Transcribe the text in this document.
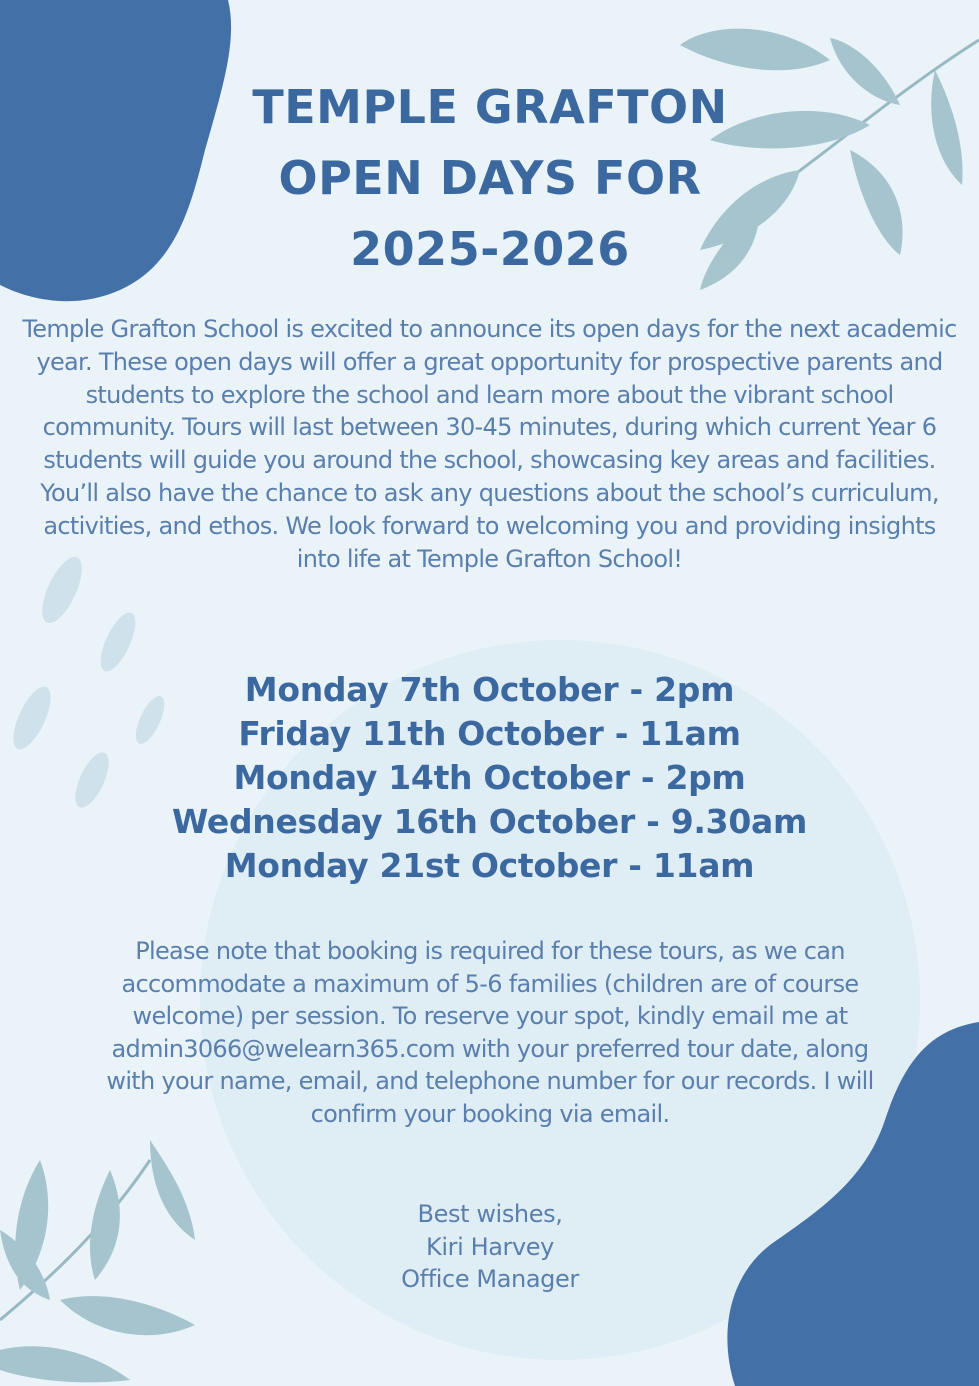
TEMPLE GRAFTON
OPEN DAYS FOR
2025-2026
Temple Grafton School is excited to announce its open days for the next academic year. These open days will offer a great opportunity for prospective parents and students to explore the school and learn more about the vibrant school community. Tours will last between 30-45 minutes, during which current Year 6 students will guide you around the school, showcasing key areas and facilities. You’ll also have the chance to ask any questions about the school’s curriculum, activities, and ethos. We look forward to welcoming you and providing insights into life at Temple Grafton School!
Monday 7th October - 2pm
Friday 11th October - 11am
Monday 14th October - 2pm
Wednesday 16th October - 9.30am
Monday 21st October - 11am
Please note that booking is required for these tours, as we can accommodate a maximum of 5-6 families (children are of course welcome) per session. To reserve your spot, kindly email me at admin3066@welearn365.com with your preferred tour date, along with your name, email, and telephone number for our records. I will confirm your booking via email.
Best wishes,
Kiri Harvey
Office Manager
